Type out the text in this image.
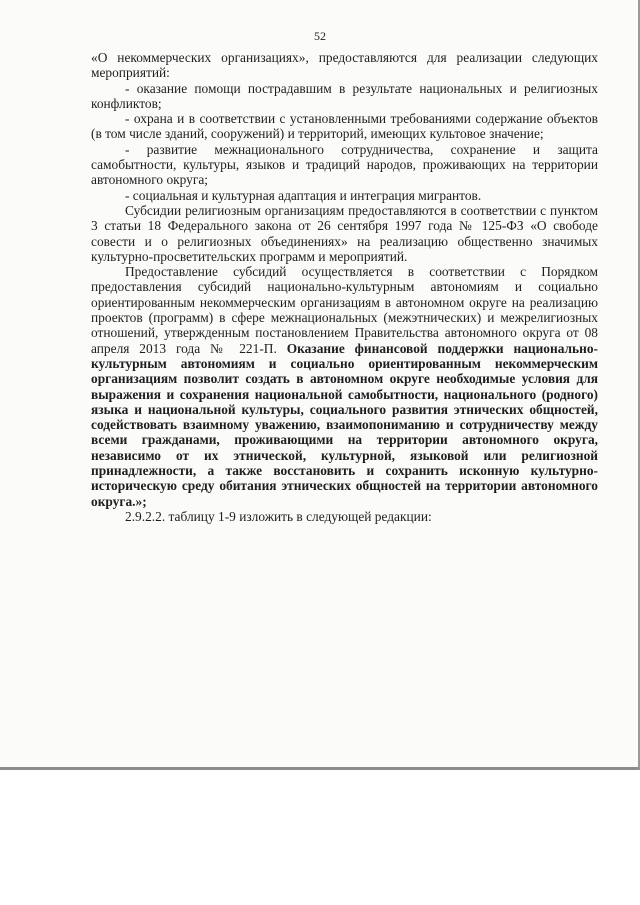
52

«О некоммерческих организациях», предоставляются для реализации следующих мероприятий:

- оказание помощи пострадавшим в результате национальных и религиозных конфликтов;

- охрана и в соответствии с установленными требованиями содержание объектов (в том числе зданий, сооружений) и территорий, имеющих культовое значение;

- развитие межнационального сотрудничества, сохранение и защита самобытности, культуры, языков и традиций народов, проживающих на территории автономного округа;

- социальная и культурная адаптация и интеграция мигрантов.

Субсидии религиозным организациям предоставляются в соответствии с пунктом 3 статьи 18 Федерального закона от 26 сентября 1997 года № 125-ФЗ «О свободе совести и о религиозных объединениях» на реализацию общественно значимых культурно-просветительских программ и мероприятий.

Предоставление субсидий осуществляется в соответствии с Порядком предоставления субсидий национально-культурным автономиям и социально ориентированным некоммерческим организациям в автономном округе на реализацию проектов (программ) в сфере межнациональных (межэтнических) и межрелигиозных отношений, утвержденным постановлением Правительства автономного округа от 08 апреля 2013 года № 221-П. Оказание финансовой поддержки национально-культурным автономиям и социально ориентированным некоммерческим организациям позволит создать в автономном округе необходимые условия для выражения и сохранения национальной самобытности, национального (родного) языка и национальной культуры, социального развития этнических общностей, содействовать взаимному уважению, взаимопониманию и сотрудничеству между всеми гражданами, проживающими на территории автономного округа, независимо от их этнической, культурной, языковой или религиозной принадлежности, а также восстановить и сохранить исконную культурно-историческую среду обитания этнических общностей на территории автономного округа.»;

2.9.2.2. таблицу 1-9 изложить в следующей редакции:
